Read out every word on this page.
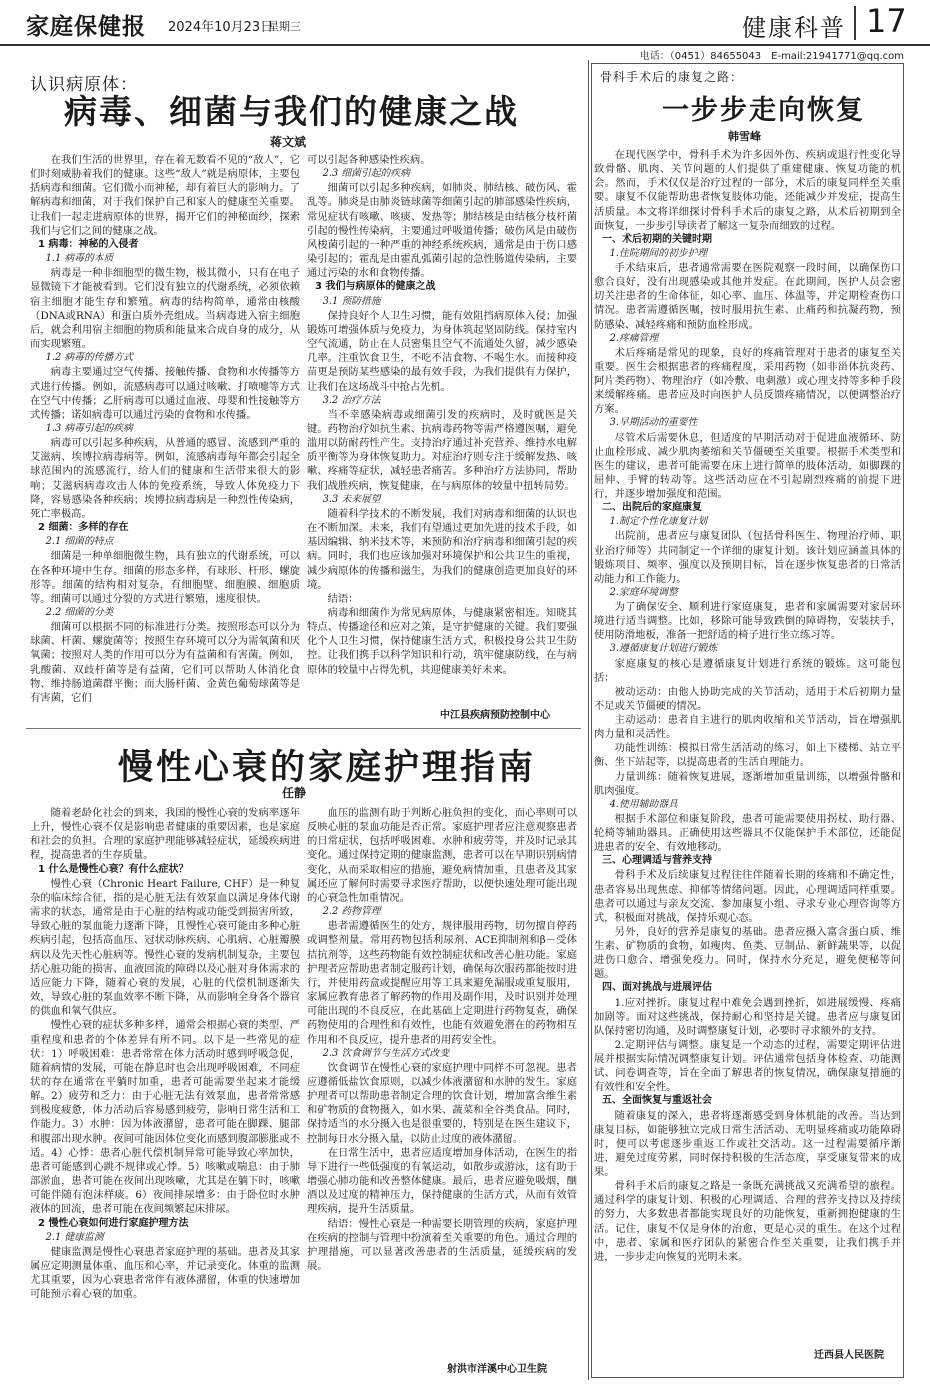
家庭保健报 2024年10月23日
星期三	健康科普 17
电话：（0451）84655043　E-mail:21941771@qq.com
认识病原体：
病毒、细菌与我们的健康之战
蒋文斌

在我们生活的世界里，存在着无数看不见的“敌人”，它们时刻威胁着我们的健康。这些“敌人”就是病原体，主要包括病毒和细菌。它们微小而神秘，却有着巨大的影响力。了解病毒和细菌，对于我们保护自己和家人的健康至关重要。让我们一起走进病原体的世界，揭开它们的神秘面纱，探索我们与它们之间的健康之战。

1 病毒：神秘的入侵者

1.1 病毒的本质

病毒是一种非细胞型的微生物，极其微小，只有在电子显微镜下才能被看到。它们没有独立的代谢系统，必须依赖宿主细胞才能生存和繁殖。病毒的结构简单，通常由核酸（DNA或RNA）和蛋白质外壳组成。当病毒进入宿主细胞后，就会利用宿主细胞的物质和能量来合成自身的成分，从而实现繁殖。

1.2 病毒的传播方式

病毒主要通过空气传播、接触传播、食物和水传播等方式进行传播。例如，流感病毒可以通过咳嗽、打喷嚏等方式在空气中传播；乙肝病毒可以通过血液、母婴和性接触等方式传播；诺如病毒可以通过污染的食物和水传播。

1.3 病毒引起的疾病

病毒可以引起多种疾病，从普通的感冒、流感到严重的艾滋病、埃博拉病毒病等。例如，流感病毒每年都会引起全球范围内的流感流行，给人们的健康和生活带来很大的影响；艾滋病病毒攻击人体的免疫系统，导致人体免疫力下降，容易感染各种疾病；埃博拉病毒病是一种烈性传染病，死亡率极高。

2 细菌：多样的存在

2.1 细菌的特点

细菌是一种单细胞微生物，具有独立的代谢系统，可以在各种环境中生存。细菌的形态多样，有球形、杆形、螺旋形等。细菌的结构相对复杂，有细胞壁、细胞膜、细胞质等。细菌可以通过分裂的方式进行繁殖，速度很快。

2.2 细菌的分类

细菌可以根据不同的标准进行分类。按照形态可以分为球菌、杆菌、螺旋菌等；按照生存环境可以分为需氧菌和厌氧菌；按照对人类的作用可以分为有益菌和有害菌。例如，乳酸菌、双歧杆菌等是有益菌，它们可以帮助人体消化食物、维持肠道菌群平衡；而大肠杆菌、金黄色葡萄球菌等是有害菌，它们

可以引起各种感染性疾病。

2.3 细菌引起的疾病

细菌可以引起多种疾病，如肺炎、肺结核、破伤风、霍乱等。肺炎是由肺炎链球菌等细菌引起的肺部感染性疾病，常见症状有咳嗽、咳痰、发热等；肺结核是由结核分枝杆菌引起的慢性传染病，主要通过呼吸道传播；破伤风是由破伤风梭菌引起的一种严重的神经系统疾病，通常是由于伤口感染引起的；霍乱是由霍乱弧菌引起的急性肠道传染病，主要通过污染的水和食物传播。

3 我们与病原体的健康之战

3.1 预防措施

保持良好个人卫生习惯，能有效阻挡病原体入侵；加强锻炼可增强体质与免疫力，为身体筑起坚固防线。保持室内空气流通，防止在人员密集且空气不流通处久留，减少感染几率。注重饮食卫生，不吃不洁食物、不喝生水。而接种疫苗更是预防某些感染的最有效手段，为我们提供有力保护，让我们在这场战斗中抢占先机。

3.2 治疗方法

当不幸感染病毒或细菌引发的疾病时，及时就医是关键。药物治疗如抗生素、抗病毒药物等需严格遵医嘱，避免滥用以防耐药性产生。支持治疗通过补充营养、维持水电解质平衡等为身体恢复助力。对症治疗则专注于缓解发热、咳嗽、疼痛等症状，减轻患者痛苦。多种治疗方法协同，帮助我们战胜疾病，恢复健康，在与病原体的较量中扭转局势。

3.3 未来展望

随着科学技术的不断发展，我们对病毒和细菌的认识也在不断加深。未来，我们有望通过更加先进的技术手段，如基因编辑、纳米技术等，来预防和治疗病毒和细菌引起的疾病。同时，我们也应该加强对环境保护和公共卫生的重视，减少病原体的传播和滋生，为我们的健康创造更加良好的环境。

结语：

病毒和细菌作为常见病原体，与健康紧密相连。知晓其特点、传播途径和应对之策，是守护健康的关键。我们要强化个人卫生习惯，保持健康生活方式，积极投身公共卫生防控。让我们携手以科学知识和行动，筑牢健康防线，在与病原体的较量中占得先机，共迎健康美好未来。

中江县疾病预防控制中心
慢性心衰的家庭护理指南
任静

随着老龄化社会的到来，我国的慢性心衰的发病率逐年上升，慢性心衰不仅是影响患者健康的重要因素，也是家庭和社会的负担。合理的家庭护理能够减轻症状，延缓疾病进程，提高患者的生存质量。

1 什么是慢性心衰？有什么症状？

慢性心衰（Chronic Heart Failure, CHF）是一种复杂的临床综合征，指的是心脏无法有效泵血以满足身体代谢需求的状态，通常是由于心脏的结构或功能受到损害所致，导致心脏的泵血能力逐渐下降，且慢性心衰可能由多种心脏疾病引起，包括高血压、冠状动脉疾病、心肌病、心脏瓣膜病以及先天性心脏病等。慢性心衰的发病机制复杂，主要包括心脏功能的损害、血液回流的障碍以及心脏对身体需求的适应能力下降，随着心衰的发展，心脏的代偿机制逐渐失效，导致心脏的泵血效率不断下降，从而影响全身各个器官的供血和氧气供应。

慢性心衰的症状多种多样，通常会根据心衰的类型、严重程度和患者的个体差异有所不同。以下是一些常见的症状：1）呼吸困难：患者常常在体力活动时感到呼吸急促，随着病情的发展，可能在静息时也会出现呼吸困难，不同症状的存在通常在平躺时加重，患者可能需要坐起来才能缓解。2）疲劳和乏力：由于心脏无法有效泵血，患者常常感到极度疲惫，体力活动后容易感到疲劳，影响日常生活和工作能力。3）水肿：因为体液潴留，患者可能在脚踝、腿部和腹部出现水肿。夜间可能因体位变化而感到腹部膨胀或不适。4）心悸：患者心脏代偿机制异常可能导致心率加快，患者可能感到心跳不规律或心悸。5）咳嗽或喘息：由于肺部淤血，患者可能在夜间出现咳嗽，尤其是在躺下时，咳嗽可能伴随有泡沫样痰。6）夜间排尿增多：由于卧位时水肿液体的回流，患者可能在夜间频繁起床排尿。

2 慢性心衰如何进行家庭护理方法

2.1 健康监测

健康监测是慢性心衰患者家庭护理的基础。患者及其家属应定期测量体重、血压和心率，并记录变化。体重的监测尤其重要，因为心衰患者常伴有液体潴留，体重的快速增加可能预示着心衰的加重。

血压的监测有助于判断心脏负担的变化，而心率则可以反映心脏的泵血功能是否正常。家庭护理者应注意观察患者的日常症状，包括呼吸困难、水肿和疲劳等，并及时记录其变化。通过保持定期的健康监测，患者可以在早期识别病情变化，从而采取相应的措施，避免病情加重，且患者及其家属还应了解何时需要寻求医疗帮助，以便快速处理可能出现的心衰急性加重情况。

2.2 药物管理

患者需遵循医生的处方，规律服用药物，切勿擅自停药或调整剂量。常用药物包括利尿剂、ACE抑制剂和β－受体拮抗剂等，这些药物能有效控制症状和改善心脏功能。家庭护理者应帮助患者制定服药计划，确保每次服药都能按时进行，并使用药盒或提醒应用等工具来避免漏服或重复服用，家属应教育患者了解药物的作用及副作用，及时识别并处理可能出现的不良反应，在此基础上定期进行药物复查，确保药物使用的合理性和有效性，也能有效避免潜在的药物相互作用和不良反应，提升患者的用药安全性。

2.3 饮食调节与生活方式改变

饮食调节在慢性心衰的家庭护理中同样不可忽视。患者应遵循低盐饮食原则，以减少体液潴留和水肿的发生。家庭护理者可以帮助患者制定合理的饮食计划，增加富含维生素和矿物质的食物摄入，如水果、蔬菜和全谷类食品。同时，保持适当的水分摄入也是很重要的，特别是在医生建议下，控制每日水分摄入量，以防止过度的液体潴留。

在日常生活中，患者应适度增加身体活动，在医生的指导下进行一些低强度的有氧运动，如散步或游泳，这有助于增强心肺功能和改善整体健康。最后，患者应避免吸烟，酗酒以及过度的精神压力，保持健康的生活方式，从而有效管理疾病，提升生活质量。

结语：慢性心衰是一种需要长期管理的疾病，家庭护理在疾病的控制与管理中扮演着至关重要的角色。通过合理的护理措施，可以显著改善患者的生活质量，延缓疾病的发展。

射洪市洋溪中心卫生院
骨科手术后的康复之路：
一步步走向恢复
韩雪峰

在现代医学中，骨科手术为许多因外伤、疾病或退行性变化导致骨骼、肌肉、关节问题的人们提供了重建健康、恢复功能的机会。然而，手术仅仅是治疗过程的一部分，术后的康复同样至关重要。康复不仅能帮助患者恢复肢体功能，还能减少并发症，提高生活质量。本文将详细探讨骨科手术后的康复之路，从术后初期到全面恢复，一步步引导读者了解这一复杂而细致的过程。

一、术后初期的关键时期

1.住院期间的初步护理

手术结束后，患者通常需要在医院观察一段时间，以确保伤口愈合良好，没有出现感染或其他并发症。在此期间，医护人员会密切关注患者的生命体征，如心率、血压、体温等，并定期检查伤口情况。患者需遵循医嘱，按时服用抗生素、止痛药和抗凝药物，预防感染、减轻疼痛和预防血栓形成。

2.疼痛管理

术后疼痛是常见的现象，良好的疼痛管理对于患者的康复至关重要。医生会根据患者的疼痛程度，采用药物（如非甾体抗炎药、阿片类药物）、物理治疗（如冷敷、电刺激）或心理支持等多种手段来缓解疼痛。患者应及时向医护人员反馈疼痛情况，以便调整治疗方案。

3.早期活动的重要性

尽管术后需要休息，但适度的早期活动对于促进血液循环、防止血栓形成、减少肌肉萎缩和关节僵硬至关重要。根据手术类型和医生的建议，患者可能需要在床上进行简单的肢体活动，如脚踝的屈伸、手臂的转动等。这些活动应在不引起剧烈疼痛的前提下进行，并逐步增加强度和范围。

二、出院后的家庭康复

1.制定个性化康复计划

出院前，患者应与康复团队（包括骨科医生、物理治疗师、职业治疗师等）共同制定一个详细的康复计划。该计划应涵盖具体的锻炼项目、频率、强度以及预期目标，旨在逐步恢复患者的日常活动能力和工作能力。

2.家庭环境调整

为了确保安全、顺利进行家庭康复，患者和家属需要对家居环境进行适当调整。比如，移除可能导致跌倒的障碍物，安装扶手，使用防滑地板，准备一把舒适的椅子进行坐立练习等。

3.遵循康复计划进行锻炼

家庭康复的核心是遵循康复计划进行系统的锻炼。这可能包括：

被动运动：由他人协助完成的关节活动，适用于术后初期力量不足或关节僵硬的情况。

主动运动：患者自主进行的肌肉收缩和关节活动，旨在增强肌肉力量和灵活性。

功能性训练：模拟日常生活活动的练习，如上下楼梯、站立平衡、坐下站起等，以提高患者的生活自理能力。

力量训练：随着恢复进展，逐渐增加重量训练，以增强骨骼和肌肉强度。

4.使用辅助器具

根据手术部位和康复阶段，患者可能需要使用拐杖、助行器、轮椅等辅助器具。正确使用这些器具不仅能保护手术部位，还能促进患者的安全、有效地移动。

三、心理调适与营养支持

骨科手术及后续康复过程往往伴随着长期的疼痛和不确定性，患者容易出现焦虑、抑郁等情绪问题。因此，心理调适同样重要。患者可以通过与亲友交流、参加康复小组、寻求专业心理咨询等方式，积极面对挑战，保持乐观心态。

另外，良好的营养是康复的基础。患者应摄入富含蛋白质、维生素、矿物质的食物，如瘦肉、鱼类、豆制品、新鲜蔬果等，以促进伤口愈合、增强免疫力。同时，保持水分充足，避免便秘等问题。

四、面对挑战与进展评估

1.应对挫折。康复过程中难免会遇到挫折，如进展缓慢、疼痛加剧等。面对这些挑战，保持耐心和坚持是关键。患者应与康复团队保持密切沟通，及时调整康复计划，必要时寻求额外的支持。

2.定期评估与调整。康复是一个动态的过程，需要定期评估进展并根据实际情况调整康复计划。评估通常包括身体检查、功能测试、问卷调查等，旨在全面了解患者的恢复情况，确保康复措施的有效性和安全性。

五、全面恢复与重返社会

随着康复的深入，患者将逐渐感受到身体机能的改善。当达到康复目标，如能够独立完成日常生活活动、无明显疼痛或功能障碍时，便可以考虑逐步重返工作或社交活动。这一过程需要循序渐进，避免过度劳累，同时保持积极的生活态度，享受康复带来的成果。

骨科手术后的康复之路是一条既充满挑战又充满希望的旅程。通过科学的康复计划、积极的心理调适、合理的营养支持以及持续的努力，大多数患者都能实现良好的功能恢复，重新拥抱健康的生活。记住，康复不仅是身体的治愈，更是心灵的重生。在这个过程中，患者、家属和医疗团队的紧密合作至关重要，让我们携手并进，一步步走向恢复的光明未来。

迁西县人民医院
